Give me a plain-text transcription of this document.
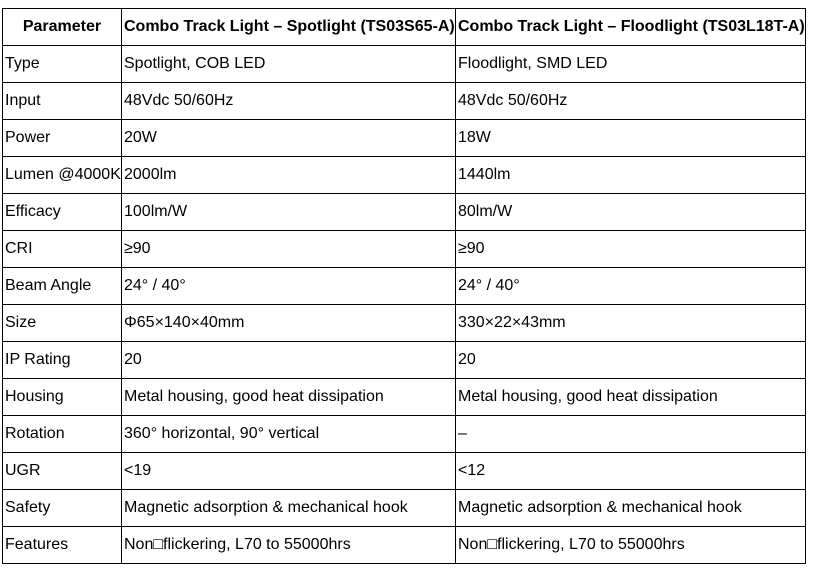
Parameter	Combo Track Light – Spotlight (TS03S65-A)	Combo Track Light – Floodlight (TS03L18T-A)
Type	Spotlight, COB LED	Floodlight, SMD LED
Input	48Vdc 50/60Hz	48Vdc 50/60Hz
Power	20W	18W
Lumen @4000K	2000lm	1440lm
Efficacy	100lm/W	80lm/W
CRI	≥90	≥90
Beam Angle	24° / 40°	24° / 40°
Size	Φ65×140×40mm	330×22×43mm
IP Rating	20	20
Housing	Metal housing, good heat dissipation	Metal housing, good heat dissipation
Rotation	360° horizontal, 90° vertical	–
UGR	<19	<12
Safety	Magnetic adsorption & mechanical hook	Magnetic adsorption & mechanical hook
Features	Non□flickering, L70 to 55000hrs	Non□flickering, L70 to 55000hrs
